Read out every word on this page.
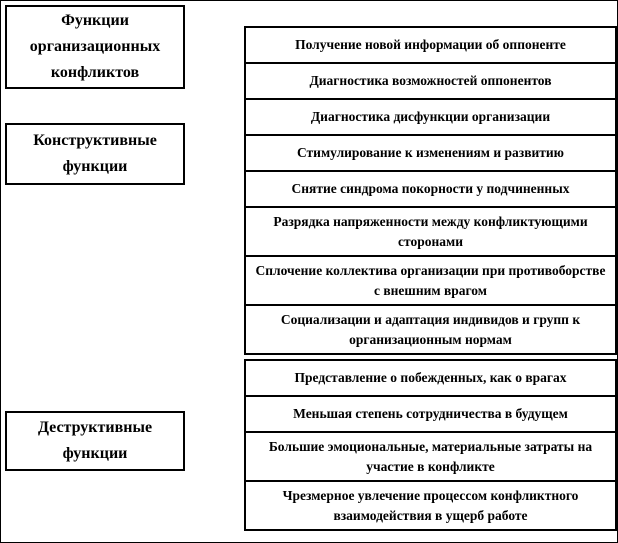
Функции организационных конфликтов
Конструктивные функции
Деструктивные функции
Получение новой информации об оппоненте
Диагностика возможностей оппонентов
Диагностика дисфункции организации
Стимулирование к изменениям и развитию
Снятие синдрома покорности у подчиненных
Разрядка напряженности между конфликтующими сторонами
Сплочение коллектива организации при противоборстве с внешним врагом
Социализации и адаптация индивидов и групп к организационным нормам
Представление о побежденных, как о врагах
Меньшая степень сотрудничества в будущем
Большие эмоциональные, материальные затраты на участие в конфликте
Чрезмерное увлечение процессом конфликтного взаимодействия в ущерб работе
